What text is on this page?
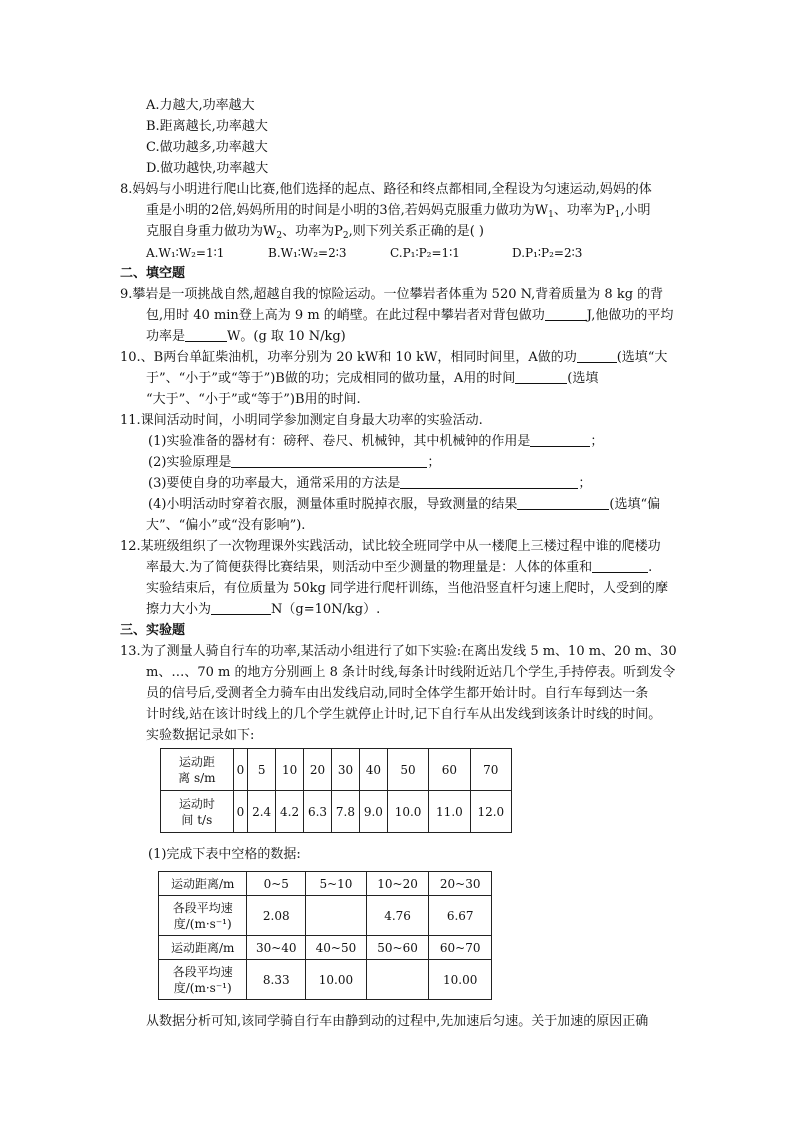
A.力越大,功率越大
B.距离越长,功率越大
C.做功越多,功率越大
D.做功越快,功率越大
8.妈妈与小明进行爬山比赛,他们选择的起点、路径和终点都相同,全程设为匀速运动,妈妈的体
重是小明的2倍,妈妈所用的时间是小明的3倍,若妈妈克服重力做功为$W_1$、功率为$P_1$,小明
克服自身重力做功为$W_2$、功率为$P_2$,则下列关系正确的是( )
A.W₁∶W₂=1∶1	B.W₁∶W₂=2∶3	C.P₁∶P₂=1∶1	D.P₁∶P₂=2∶3
二、填空题
9.攀岩是一项挑战自然,超越自我的惊险运动。一位攀岩者体重为 520 N,背着质量为 8 kg 的背
包,用时 40 min登上高为 9 m 的峭壁。在此过程中攀岩者对背包做功	J,他做功的平均
功率是	W。(g 取 10 N/kg)
10.、B两台单缸柴油机，功率分别为 20 kW和 10 kW，相同时间里，A做的功	(选填“大
于”、“小于”或“等于”)B做的功；完成相同的做功量，A用的时间	(选填
“大于”、“小于”或“等于”)B用的时间.
11.课间活动时间，小明同学参加测定自身最大功率的实验活动.
(1)实验准备的器材有：磅秤、卷尺、机械钟，其中机械钟的作用是	；
(2)实验原理是	；
(3)要使自身的功率最大，通常采用的方法是	；
(4)小明活动时穿着衣服，测量体重时脱掉衣服，导致测量的结果	(选填“偏
大”、“偏小”或“没有影响”).
12.某班级组织了一次物理课外实践活动，试比较全班同学中从一楼爬上三楼过程中谁的爬楼功
率最大.为了简便获得比赛结果，则活动中至少测量的物理量是：人体的体重和	.
实验结束后，有位质量为 50kg 同学进行爬杆训练，当他沿竖直杆匀速上爬时，人受到的摩
擦力大小为	N（g=10N/kg）.
三、实验题
13.为了测量人骑自行车的功率,某活动小组进行了如下实验:在离出发线 5 m、10 m、20 m、30
m、…、70 m 的地方分别画上 8 条计时线,每条计时线附近站几个学生,手持停表。听到发令
员的信号后,受测者全力骑车由出发线启动,同时全体学生都开始计时。自行车每到达一条
计时线,站在该计时线上的几个学生就停止计时,记下自行车从出发线到该条计时线的时间。
实验数据记录如下:
运动距
离 s/m	0	5	10	20	30	40	50	60	70
运动时
间 t/s	0	2.4	4.2	6.3	7.8	9.0	10.0	11.0	12.0
(1)完成下表中空格的数据:
运动距离/m	0~5	5~10	10~20	20~30
各段平均速
度/(m·s⁻¹)	2.08		4.76	6.67
运动距离/m	30~40	40~50	50~60	60~70
各段平均速
度/(m·s⁻¹)	8.33	10.00		10.00
从数据分析可知,该同学骑自行车由静到动的过程中,先加速后匀速。关于加速的原因正确
